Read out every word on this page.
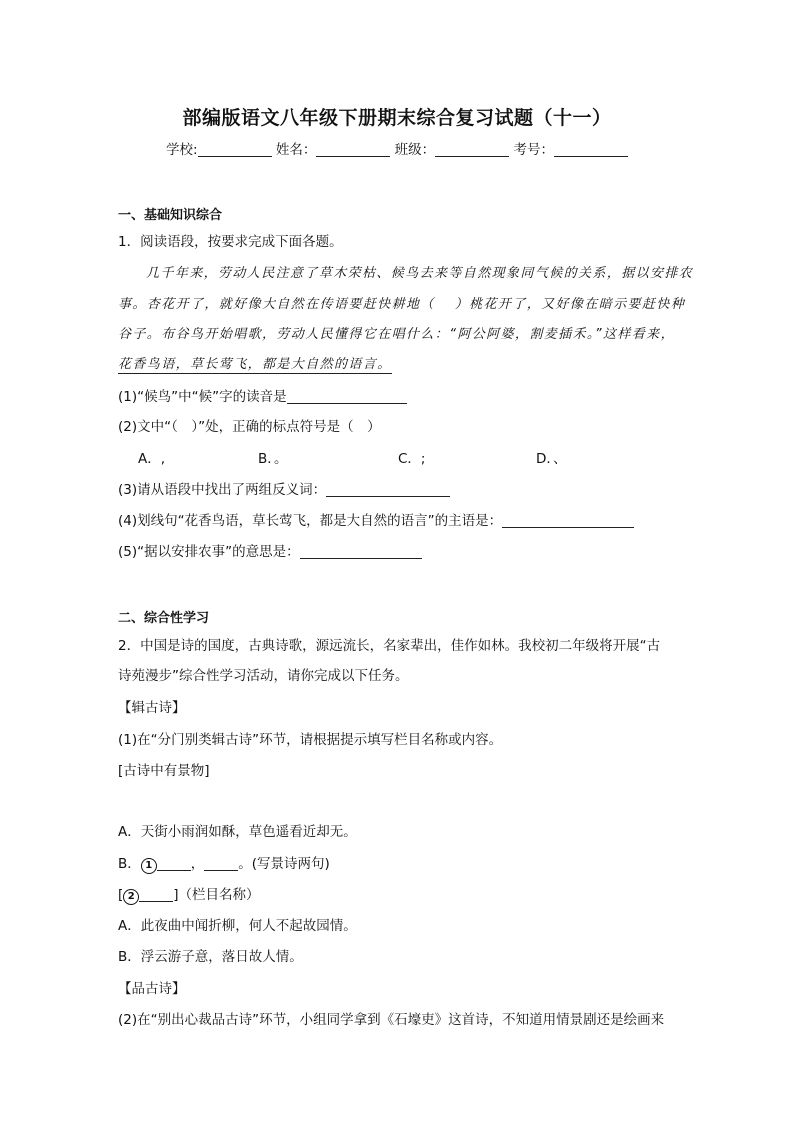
部编版语文八年级下册期末综合复习试题（十一）
学校:	姓名：	班级：	考号：
一、基础知识综合
1．阅读语段，按要求完成下面各题。
几千年来，劳动人民注意了草木荣枯、候鸟去来等自然现象同气候的关系，据以安排农
事。杏花开了，就好像大自然在传语要赶快耕地（　 ）桃花开了，又好像在暗示要赶快种
谷子。布谷鸟开始唱歌，劳动人民懂得它在唱什么：“阿公阿婆，割麦插禾。”这样看来，
花香鸟语，草长莺飞，都是大自然的语言。
(1)“候鸟”中“候”字的读音是
(2)文中“（　）”处，正确的标点符号是（　）
A．,	B．。	C．;	D．、
(3)请从语段中找出了两组反义词：
(4)划线句“花香鸟语，草长莺飞，都是大自然的语言”的主语是：
(5)“据以安排农事”的意思是：
二、综合性学习
2．中国是诗的国度，古典诗歌，源远流长，名家辈出，佳作如林。我校初二年级将开展“古
诗苑漫步”综合性学习活动，请你完成以下任务。
【辑古诗】
(1)在“分门别类辑古诗”环节，请根据提示填写栏目名称或内容。
[古诗中有景物]
A．天街小雨润如酥，草色遥看近却无。
B． 1	，	。(写景诗两句)
[ 2	]（栏目名称）
A．此夜曲中闻折柳，何人不起故园情。
B．浮云游子意，落日故人情。
【品古诗】
(2)在“别出心裁品古诗”环节，小组同学拿到《石壕吏》这首诗，不知道用情景剧还是绘画来
